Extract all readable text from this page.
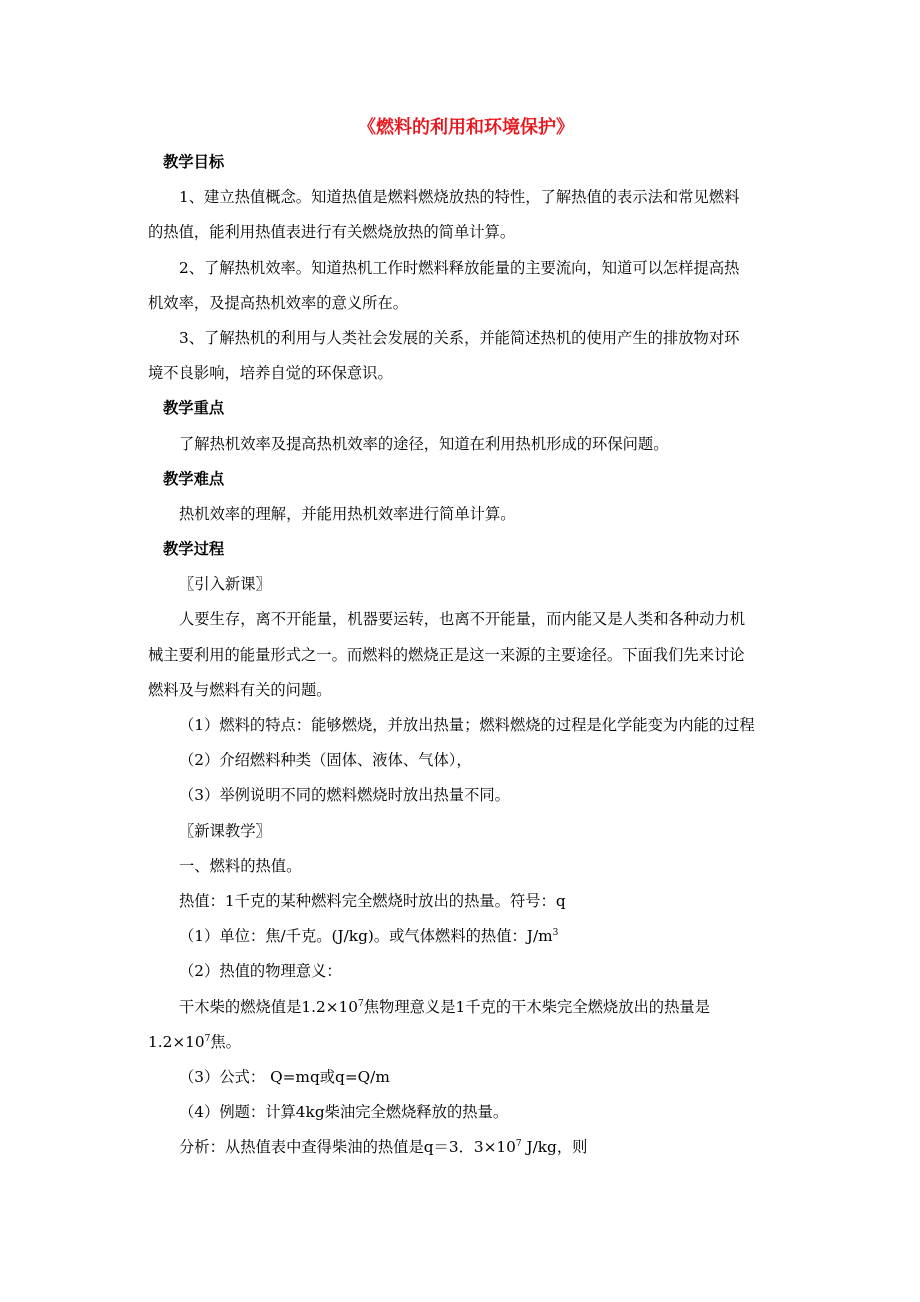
《燃料的利用和环境保护》
教学目标
1、建立热值概念。知道热值是燃料燃烧放热的特性，了解热值的表示法和常见燃料
的热值，能利用热值表进行有关燃烧放热的简单计算。
2、了解热机效率。知道热机工作时燃料释放能量的主要流向，知道可以怎样提高热
机效率，及提高热机效率的意义所在。
3、了解热机的利用与人类社会发展的关系，并能简述热机的使用产生的排放物对环
境不良影响，培养自觉的环保意识。
教学重点
了解热机效率及提高热机效率的途径，知道在利用热机形成的环保问题。
教学难点
热机效率的理解，并能用热机效率进行简单计算。
教学过程
〖引入新课〗
人要生存，离不开能量，机器要运转，也离不开能量，而内能又是人类和各种动力机
械主要利用的能量形式之一。而燃料的燃烧正是这一来源的主要途径。下面我们先来讨论
燃料及与燃料有关的问题。
（1）燃料的特点：能够燃烧，并放出热量；燃料燃烧的过程是化学能变为内能的过程
（2）介绍燃料种类（固体、液体、气体），
（3）举例说明不同的燃料燃烧时放出热量不同。
〖新课教学〗
一、燃料的热值。
热值：1千克的某种燃料完全燃烧时放出的热量。符号：q
（1）单位：焦/千克。(J/kg)。或气体燃料的热值：$J/m^3$
（2）热值的物理意义：
干木柴的燃烧值是$1.2\times 10^7$焦物理意义是1千克的干木柴完全燃烧放出的热量是
$1.2\times 10^7$焦。
（3）公式： Q=mq或q=Q/m
（4）例题：计算4kg柴油完全燃烧释放的热量。
分析：从热值表中查得柴油的热值是q＝3．$3\times 10^7$ J/kg，则
